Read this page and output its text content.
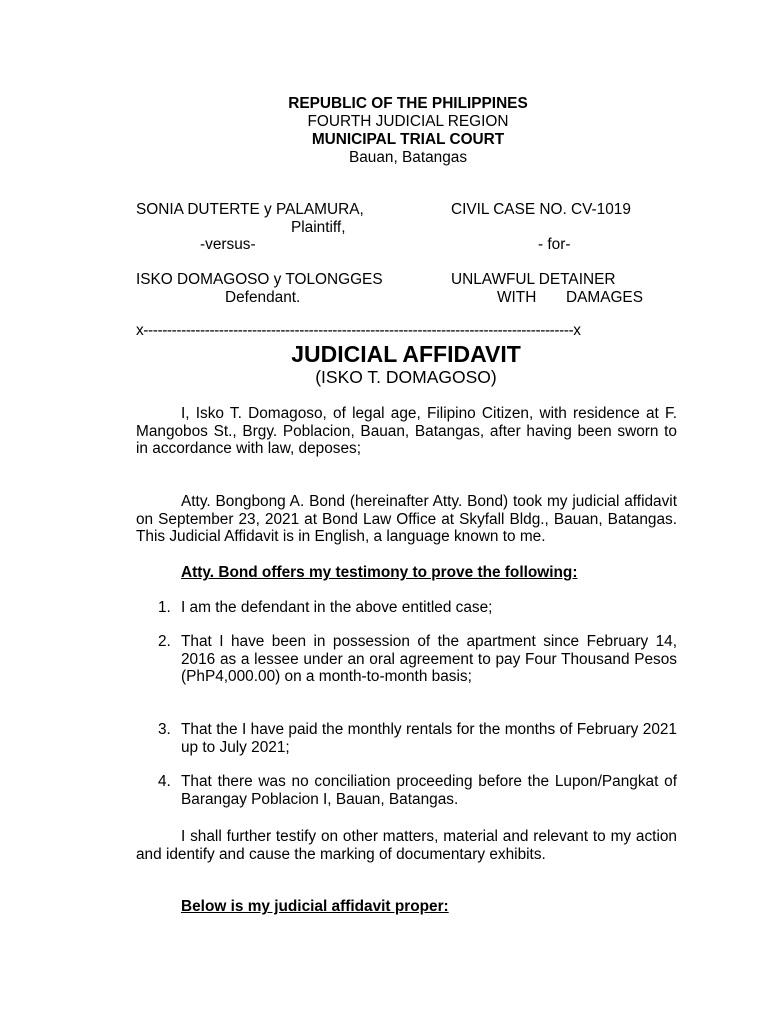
REPUBLIC OF THE PHILIPPINES
FOURTH JUDICIAL REGION
MUNICIPAL TRIAL COURT
Bauan, Batangas
SONIA DUTERTE y PALAMURA,	CIVIL CASE NO. CV-1019
Plaintiff,
-versus-	- for-
ISKO DOMAGOSO y TOLONGGES	UNLAWFUL DETAINER
Defendant.	WITH DAMAGES
x-------------------------------------------------------------------------------------------x
JUDICIAL AFFIDAVIT
(ISKO T. DOMAGOSO)
I, Isko T. Domagoso, of legal age, Filipino Citizen, with residence at F. Mangobos St., Brgy. Poblacion, Bauan, Batangas, after having been sworn to in accordance with law, deposes;
Atty. Bongbong A. Bond (hereinafter Atty. Bond) took my judicial affidavit on September 23, 2021 at Bond Law Office at Skyfall Bldg., Bauan, Batangas. This Judicial Affidavit is in English, a language known to me.
Atty. Bond offers my testimony to prove the following:
1. I am the defendant in the above entitled case;
2. That I have been in possession of the apartment since February 14, 2016 as a lessee under an oral agreement to pay Four Thousand Pesos (PhP4,000.00) on a month-to-month basis;
3. That the I have paid the monthly rentals for the months of February 2021 up to July 2021;
4. That there was no conciliation proceeding before the Lupon/Pangkat of Barangay Poblacion I, Bauan, Batangas.
I shall further testify on other matters, material and relevant to my action and identify and cause the marking of documentary exhibits.
Below is my judicial affidavit proper:
